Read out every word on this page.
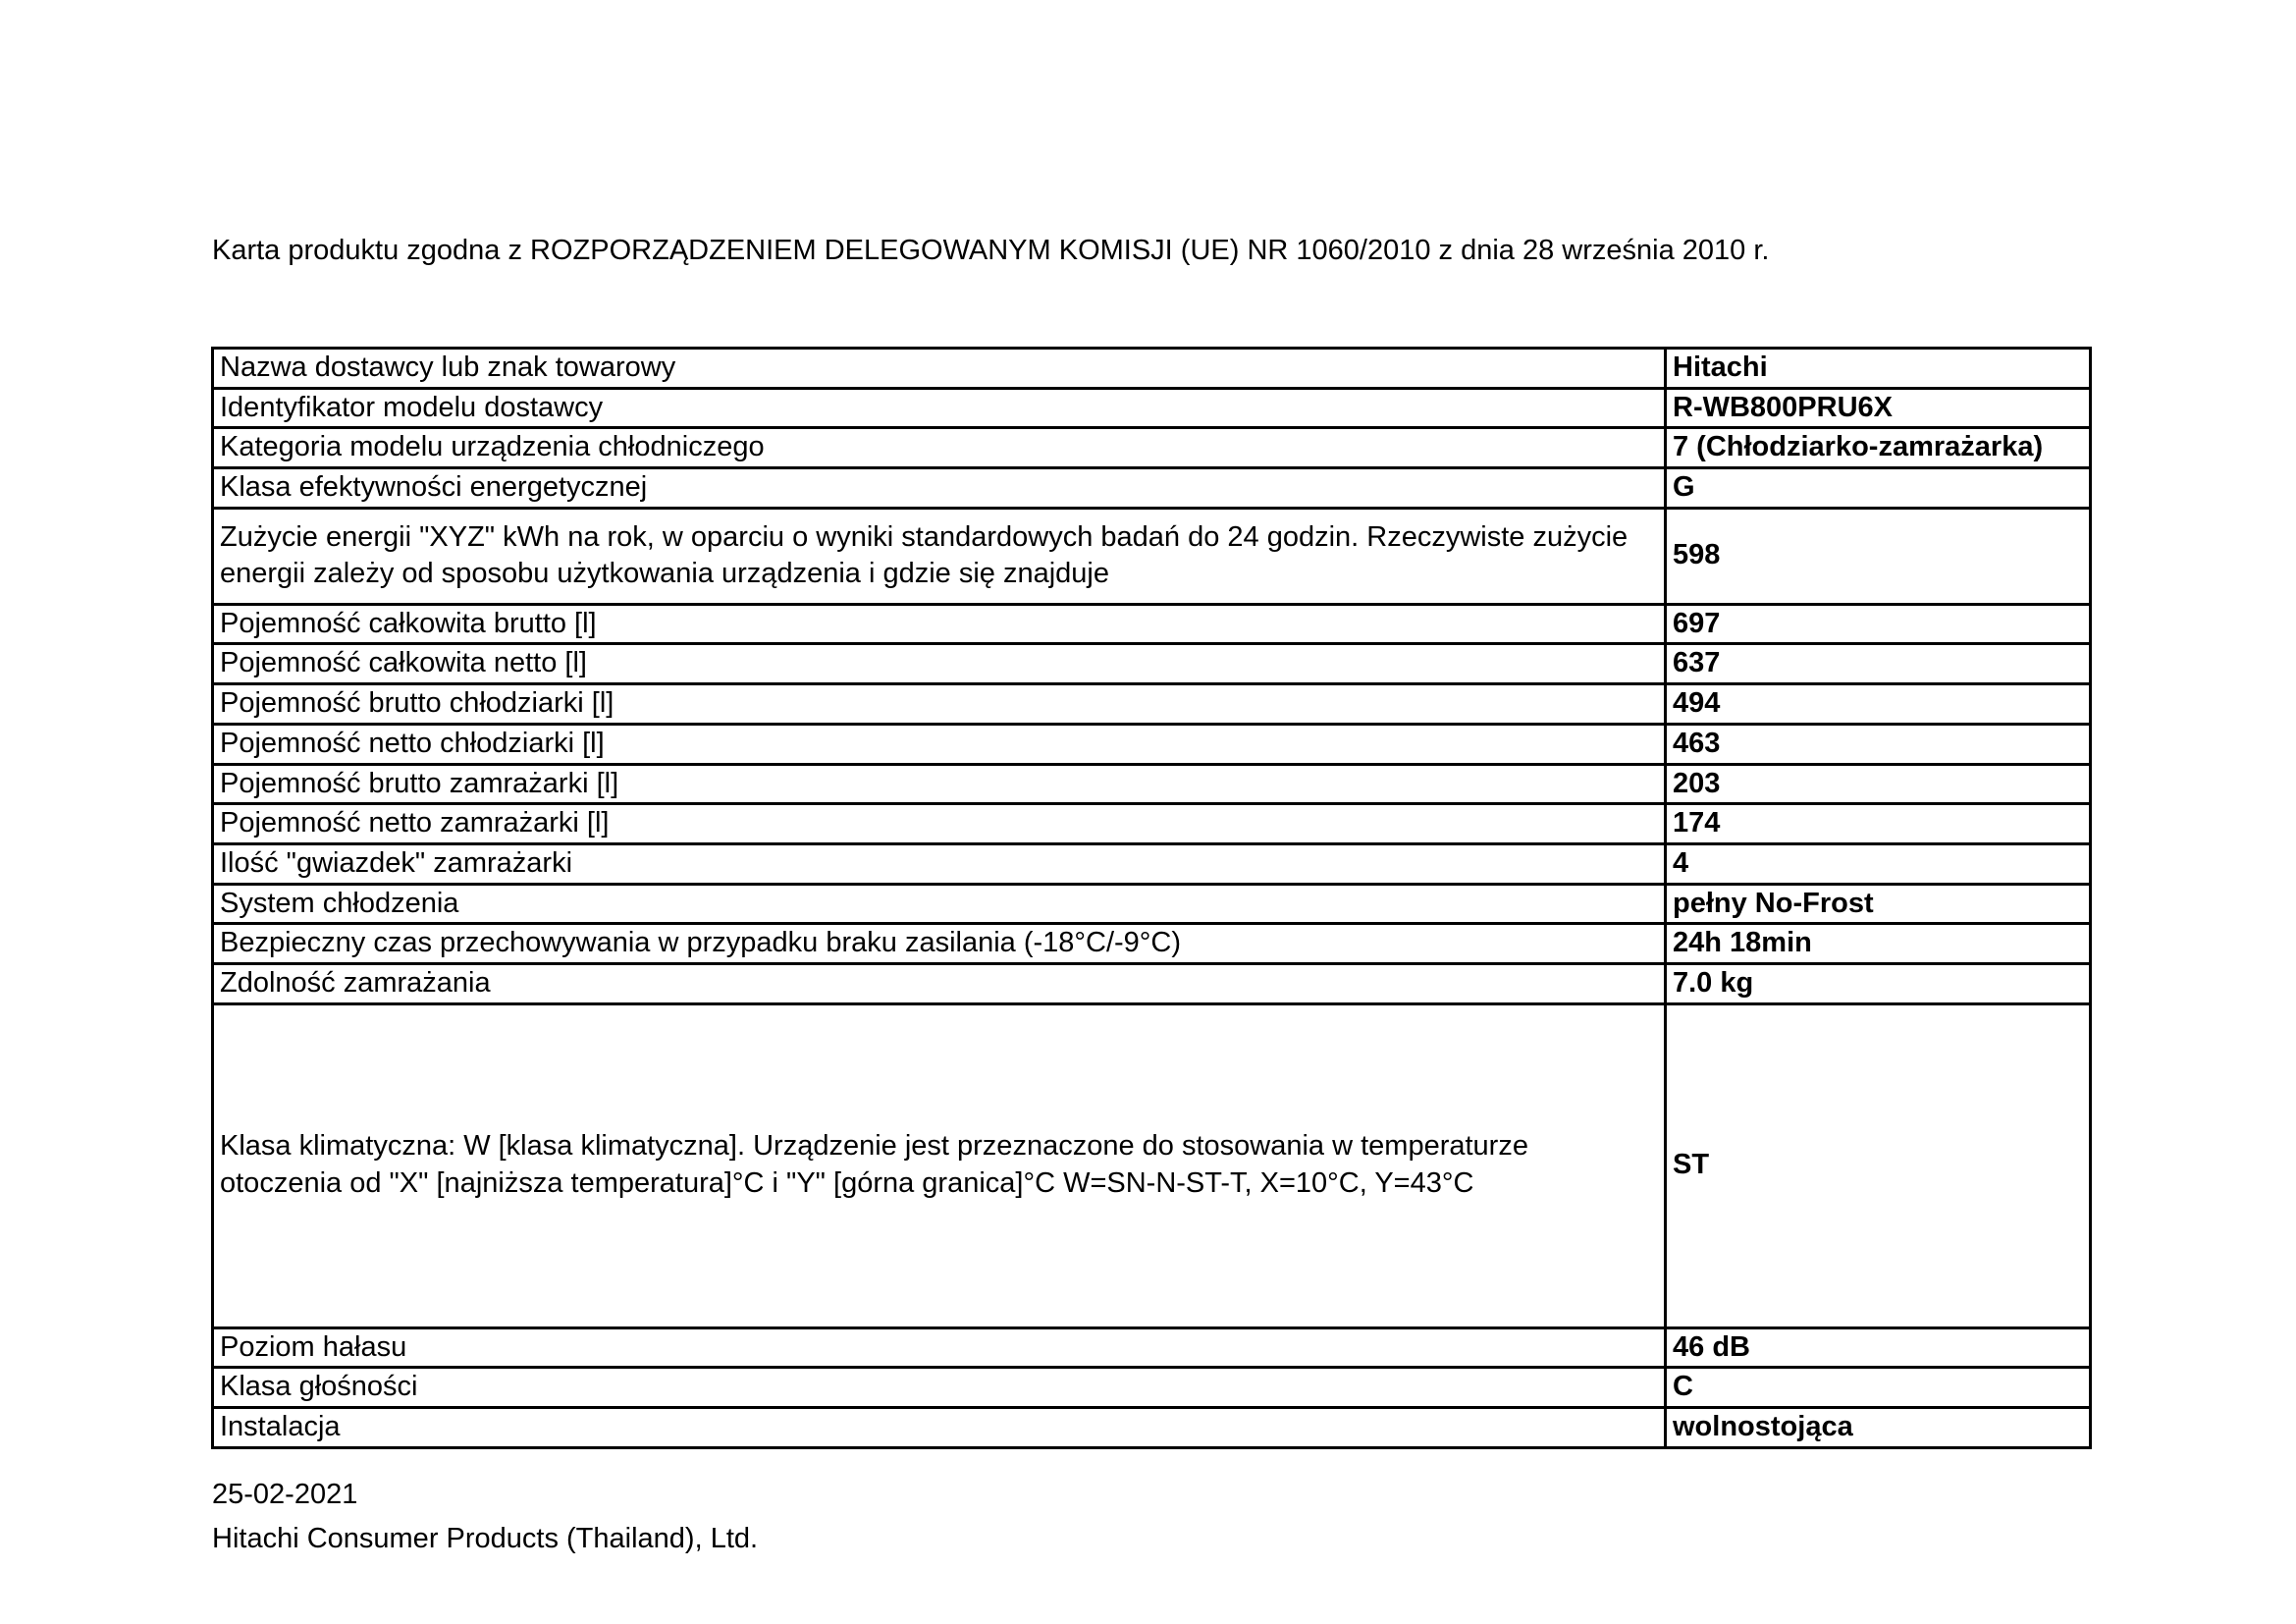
Karta produktu zgodna z ROZPORZĄDZENIEM DELEGOWANYM KOMISJI (UE) NR 1060/2010 z dnia 28 września 2010 r.
Nazwa dostawcy lub znak towarowy	Hitachi
Identyfikator modelu dostawcy	R-WB800PRU6X
Kategoria modelu urządzenia chłodniczego	7 (Chłodziarko-zamrażarka)
Klasa efektywności energetycznej	G
Zużycie energii "XYZ" kWh na rok, w oparciu o wyniki standardowych badań do 24 godzin. Rzeczywiste zużycie energii zależy od sposobu użytkowania urządzenia i gdzie się znajduje	598
Pojemność całkowita brutto [l]	697
Pojemność całkowita netto [l]	637
Pojemność brutto chłodziarki [l]	494
Pojemność netto chłodziarki [l]	463
Pojemność brutto zamrażarki [l]	203
Pojemność netto zamrażarki [l]	174
Ilość "gwiazdek" zamrażarki	4
System chłodzenia	pełny No-Frost
Bezpieczny czas przechowywania w przypadku braku zasilania (-18°C/-9°C)	24h 18min
Zdolność zamrażania	7.0 kg
Klasa klimatyczna: W [klasa klimatyczna]. Urządzenie jest przeznaczone do stosowania w temperaturze otoczenia od "X" [najniższa temperatura]°C i "Y" [górna granica]°C W=SN-N-ST-T, X=10°C, Y=43°C	ST
Poziom hałasu	46 dB
Klasa głośności	C
Instalacja	wolnostojąca
25-02-2021
Hitachi Consumer Products (Thailand), Ltd.
